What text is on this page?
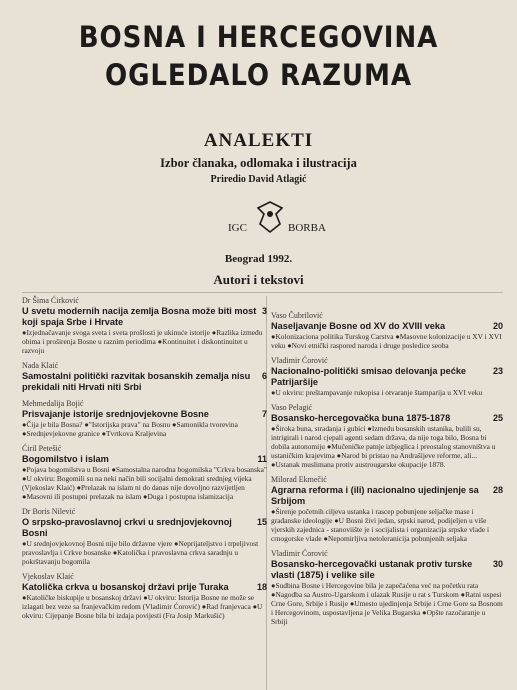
BOSNA I HERCEGOVINA
OGLEDALO RAZUMA
ANALEKTI
Izbor članaka, odlomaka i ilustracija
Priredio David Atlagić
IGC	BORBA
Beograd 1992.
Autori i tekstovi
Dr Šima Ćirković
3
U svetu modernih nacija zemlja Bosna može biti most koji spaja Srbe i Hrvate
●Izjednačavanje svoga sveta i sveta prošlosti je ukinuće istorije ●Razlika između obima i proširenja Bosne u raznim periodima ●Kontinuitet i diskontinuitet u razvoju
Nada Klaić
6
Samostalni politički razvitak bosanskih zemalja nisu prekidali niti Hrvati niti Srbi
Mehmedalija Bojić
7
Prisvajanje istorije srednjovjekovne Bosne
●Čija je bila Bosna? ●"Istorijska prava" na Bosnu ●Samonikla tvorevina ●Srednjevjekovne granice ●Tvrtkova Kraljevina
Ćiril Petešić
11
Bogomilstvo i islam
●Pojava bogomilstva u Bosni ●Samostalna narodna bogomilska "Crkva bosanska" ●U okviru: Bogomili su na neki način bili socijalni demokrati srednjeg vijeka (Vjekoslav Klaić) ●Prelazak na islam ni do danas nije dovoljno razvijetljen ●Masovni ili postupni prelazak na islam ●Duga i postupna islamizacija
Dr Boris Nilević
15
O srpsko-pravoslavnoj crkvi u srednjovjekovnoj Bosni
●U srednjovjekovnoj Bosni nije bilo državne vjere ●Neprijateljstvo i trpeljivost pravoslavlja i Crkve bosanske ●Katolička i pravoslavna crkva saradnju u pokrštavanju bogomila
Vjekoslav Klaić
18
Katolička crkva u bosanskoj državi prije Turaka
●Katoličke biskupije u bosanskoj državi ●U okviru: Istorija Bosne ne može se izlagati bez veze sa franjevačkim redom (Vladimir Ćorović) ●Rad franjevaca ●U okviru: Cijepanje Bosne bila bi izdaja povijesti (Fra Josip Markušić)
Vaso Čubrilović
20
Naseljavanje Bosne od XV do XVIII veka
●Kolonizaciona politika Turskog Carstva ●Masovne kolonizacije u XV i XVI veku ●Novi etnički raspored naroda i druge posledice seoba
Vladimir Ćorović
23
Nacionalno-politički smisao delovanja pećke Patrijaršije
●U okviru: preštampavanje rukopisa i otvaranje štamparija u XVI veku
Vaso Pelagić
25
Bosansko-hercegovačka buna 1875-1878
●Široka buna, stradanja i gubici ●Između bosanskih ustanika, bulili su, intrigirali i narod cjepali agenti sedam država, da nije toga bilo, Bosna bi dobila autonomiju ●Mučeničke patnje izbjeglica i preostalog stanovništva u ustaničkim krajevima ●Narod bi pristao na Andrašijeve reforme, ali... ●Ustanak muslimana protiv austrougarske okupacije 1878.
Milorad Ekmečić
28
Agrarna reforma i (ili) nacionalno ujedinjenje sa Srbijom
●Širenje početnih ciljeva ustanka i rascep pobunjene seljačke mase i građanske ideologije ●U Bosni živi jedan, srpski narod, podijeljen u više vjerskih zajednica - stanoviište je i socijalista i organizacija srpske vlade i crnogorske vlade ●Nepomirljiva netoleranicija pobunjenih seljaka
Vladimir Ćorović
30
Bosansko-hercegovački ustanak protiv turske vlasti (1875) i velike sile
●Sudbina Bosne i Hercegovine bila je zapečaćena već na početku rata ●Nagodba sa Austro-Ugarskom i ulazak Rusije u rat s Turskom ●Ratni uspesi Crne Gore, Srbije i Rusije ●Umesto ujedinjenja Srbije i Crne Gore sa Bosnom i Hercegovinom, uspostavljena je Velika Bugarska ●Opšte razočaranje u Srbiji
